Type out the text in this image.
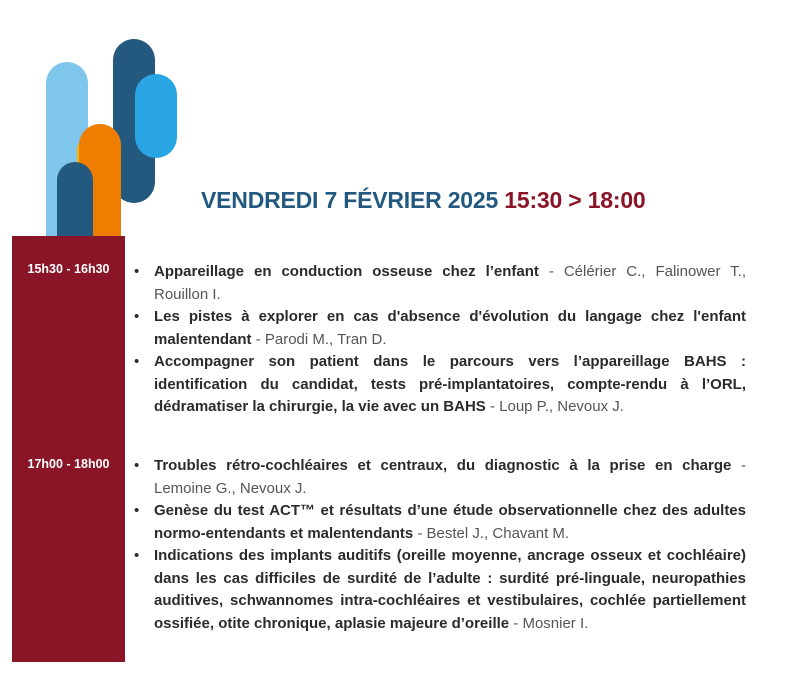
VENDREDI 7 FÉVRIER 2025 15:30 > 18:00
15h30 - 16h30
17h00 - 18h00
• Appareillage en conduction osseuse chez l’enfant - Célérier C., Falinower T., Rouillon I.
• Les pistes à explorer en cas d'absence d'évolution du langage chez l'enfant malentendant - Parodi M., Tran D.
• Accompagner son patient dans le parcours vers l’appareillage BAHS : identification du candidat, tests pré-implantatoires, compte-rendu à l’ORL, dédramatiser la chirurgie, la vie avec un BAHS - Loup P., Nevoux J.
• Troubles rétro-cochléaires et centraux, du diagnostic à la prise en charge - Lemoine G., Nevoux J.
• Genèse du test ACT™ et résultats d’une étude observationnelle chez des adultes normo-entendants et malentendants - Bestel J., Chavant M.
• Indications des implants auditifs (oreille moyenne, ancrage osseux et cochléaire) dans les cas difficiles de surdité de l’adulte : surdité pré-linguale, neuropathies auditives, schwannomes intra-cochléaires et vestibulaires, cochlée partiellement ossifiée, otite chronique, aplasie majeure d’oreille - Mosnier I.
